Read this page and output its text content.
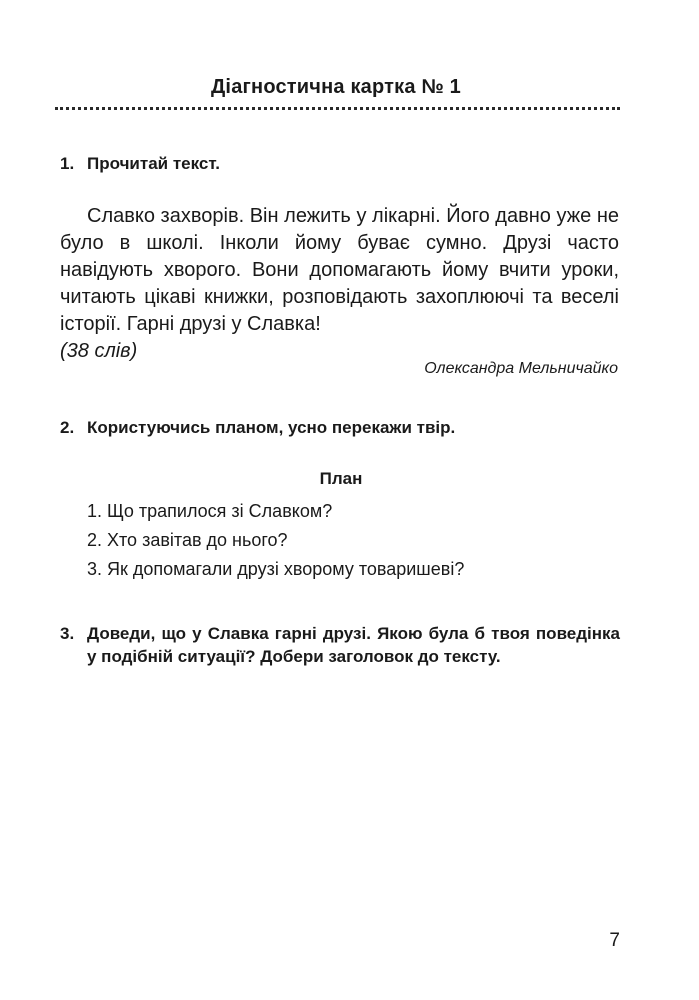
Діагностична картка № 1
1. Прочитай текст.

Славко захворів. Він лежить у лікарні. Його давно уже не було в школі. Інколи йому буває сумно. Друзі часто навідують хворого. Вони допомагають йому вчити уроки, читають цікаві книжки, розповідають захоплюючі та веселі історії. Гарні друзі у Славка!

(38 слів)
Олександра Мельничайко
2. Користуючись планом, усно перекажи твір.
План
1. Що трапилося зі Славком?
2. Хто завітав до нього?
3. Як допомагали друзі хворому товаришеві?
3. Доведи, що у Славка гарні друзі. Якою була б твоя поведінка у подібній ситуації? Добери заголовок до тексту.
7
